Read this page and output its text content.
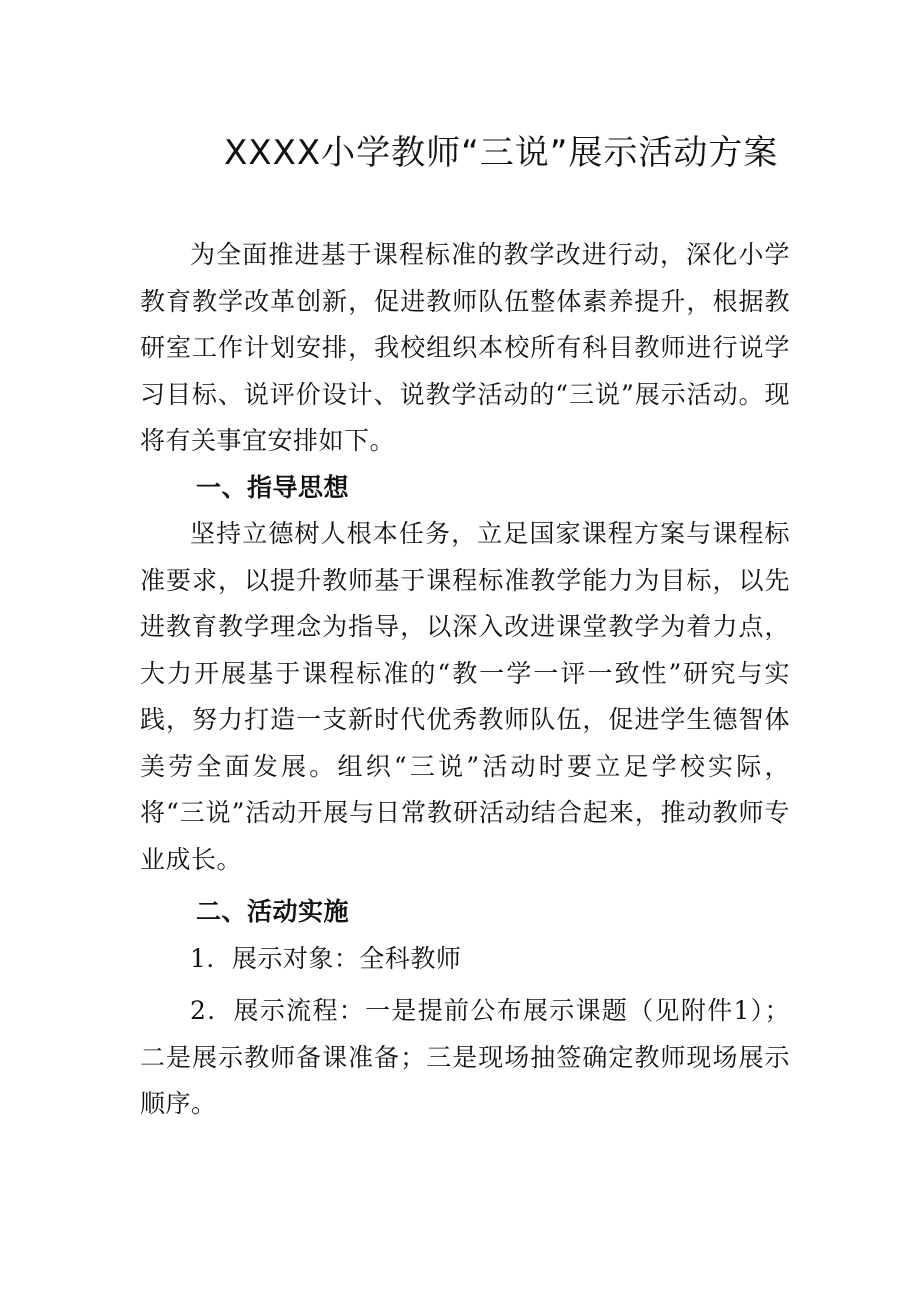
XXXX小学教师“三说”展示活动方案

为全面推进基于课程标准的教学改进行动，深化小学教育教学改革创新，促进教师队伍整体素养提升，根据教研室工作计划安排，我校组织本校所有科目教师进行说学习目标、说评价设计、说教学活动的“三说”展示活动。现将有关事宜安排如下。

一、指导思想

坚持立德树人根本任务，立足国家课程方案与课程标准要求，以提升教师基于课程标准教学能力为目标，以先进教育教学理念为指导，以深入改进课堂教学为着力点，大力开展基于课程标准的“教一学一评一致性”研究与实践，努力打造一支新时代优秀教师队伍，促进学生德智体美劳全面发展。组织“三说”活动时要立足学校实际，将“三说”活动开展与日常教研活动结合起来，推动教师专业成长。

二、活动实施

1．展示对象：全科教师

2．展示流程：一是提前公布展示课题（见附件1）；二是展示教师备课准备；三是现场抽签确定教师现场展示顺序。
